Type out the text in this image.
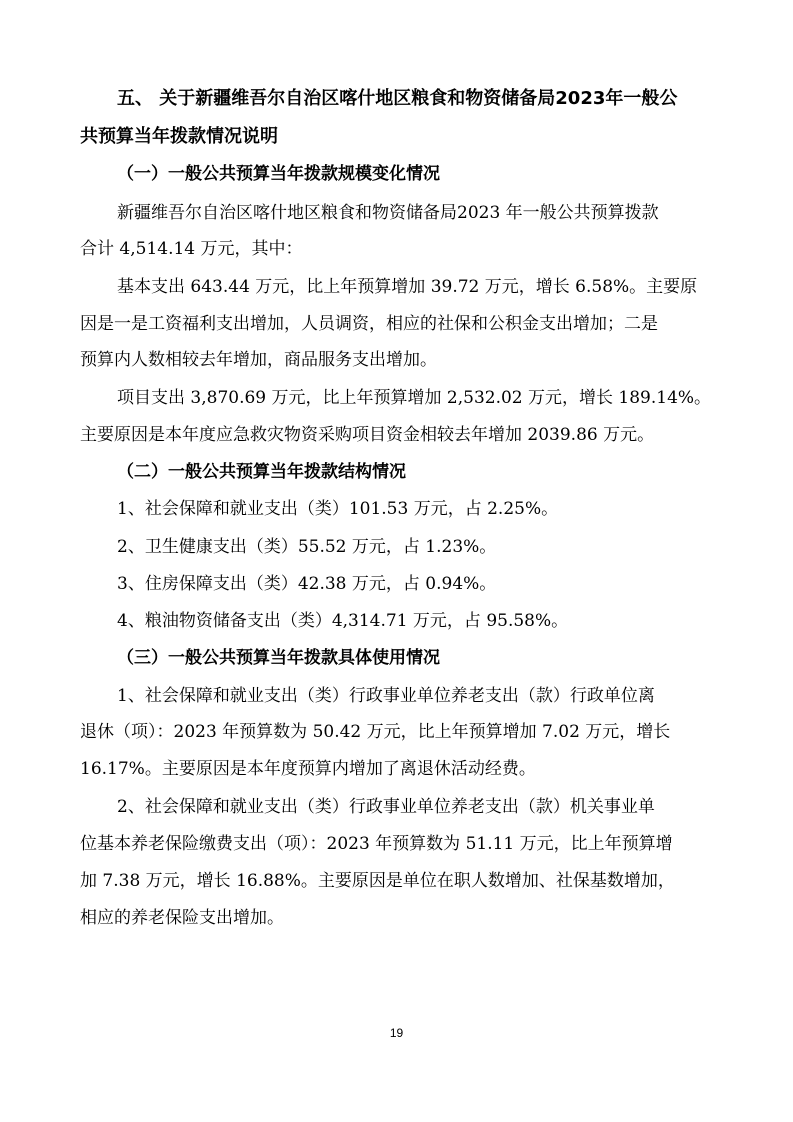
五、 关于新疆维吾尔自治区喀什地区粮食和物资储备局2023年一般公
共预算当年拨款情况说明
（一）一般公共预算当年拨款规模变化情况
新疆维吾尔自治区喀什地区粮食和物资储备局2023 年一般公共预算拨款
合计 4,514.14 万元，其中：
基本支出 643.44 万元，比上年预算增加 39.72 万元，增长 6.58%。主要原
因是一是工资福利支出增加，人员调资，相应的社保和公积金支出增加；二是
预算内人数相较去年增加，商品服务支出增加。
项目支出 3,870.69 万元，比上年预算增加 2,532.02 万元，增长 189.14%。
主要原因是本年度应急救灾物资采购项目资金相较去年增加 2039.86 万元。
（二）一般公共预算当年拨款结构情况
1、社会保障和就业支出（类）101.53 万元，占 2.25%。
2、卫生健康支出（类）55.52 万元，占 1.23%。
3、住房保障支出（类）42.38 万元，占 0.94%。
4、粮油物资储备支出（类）4,314.71 万元，占 95.58%。
（三）一般公共预算当年拨款具体使用情况
1、社会保障和就业支出（类）行政事业单位养老支出（款）行政单位离
退休（项）：2023 年预算数为 50.42 万元，比上年预算增加 7.02 万元，增长
16.17%。主要原因是本年度预算内增加了离退休活动经费。
2、社会保障和就业支出（类）行政事业单位养老支出（款）机关事业单
位基本养老保险缴费支出（项）：2023 年预算数为 51.11 万元，比上年预算增
加 7.38 万元，增长 16.88%。主要原因是单位在职人数增加、社保基数增加，
相应的养老保险支出增加。
19
